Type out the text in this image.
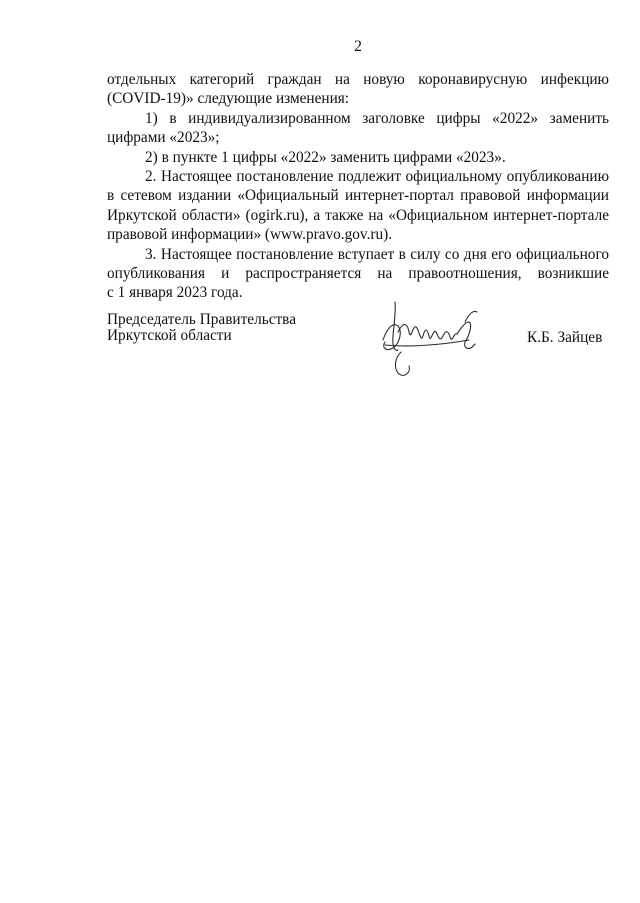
2

отдельных категорий граждан на новую коронавирусную инфекцию (COVID-19)» следующие изменения:

1) в индивидуализированном заголовке цифры «2022» заменить цифрами «2023»;

2) в пункте 1 цифры «2022» заменить цифрами «2023».

2. Настоящее постановление подлежит официальному опубликованию в сетевом издании «Официальный интернет-портал правовой информации Иркутской области» (ogirk.ru), а также на «Официальном интернет-портале правовой информации» (www.pravo.gov.ru).

3. Настоящее постановление вступает в силу со дня его официального опубликования и распространяется на правоотношения, возникшие

с 1 января 2023 года.

Председатель Правительства
Иркутской области	К.Б. Зайцев
